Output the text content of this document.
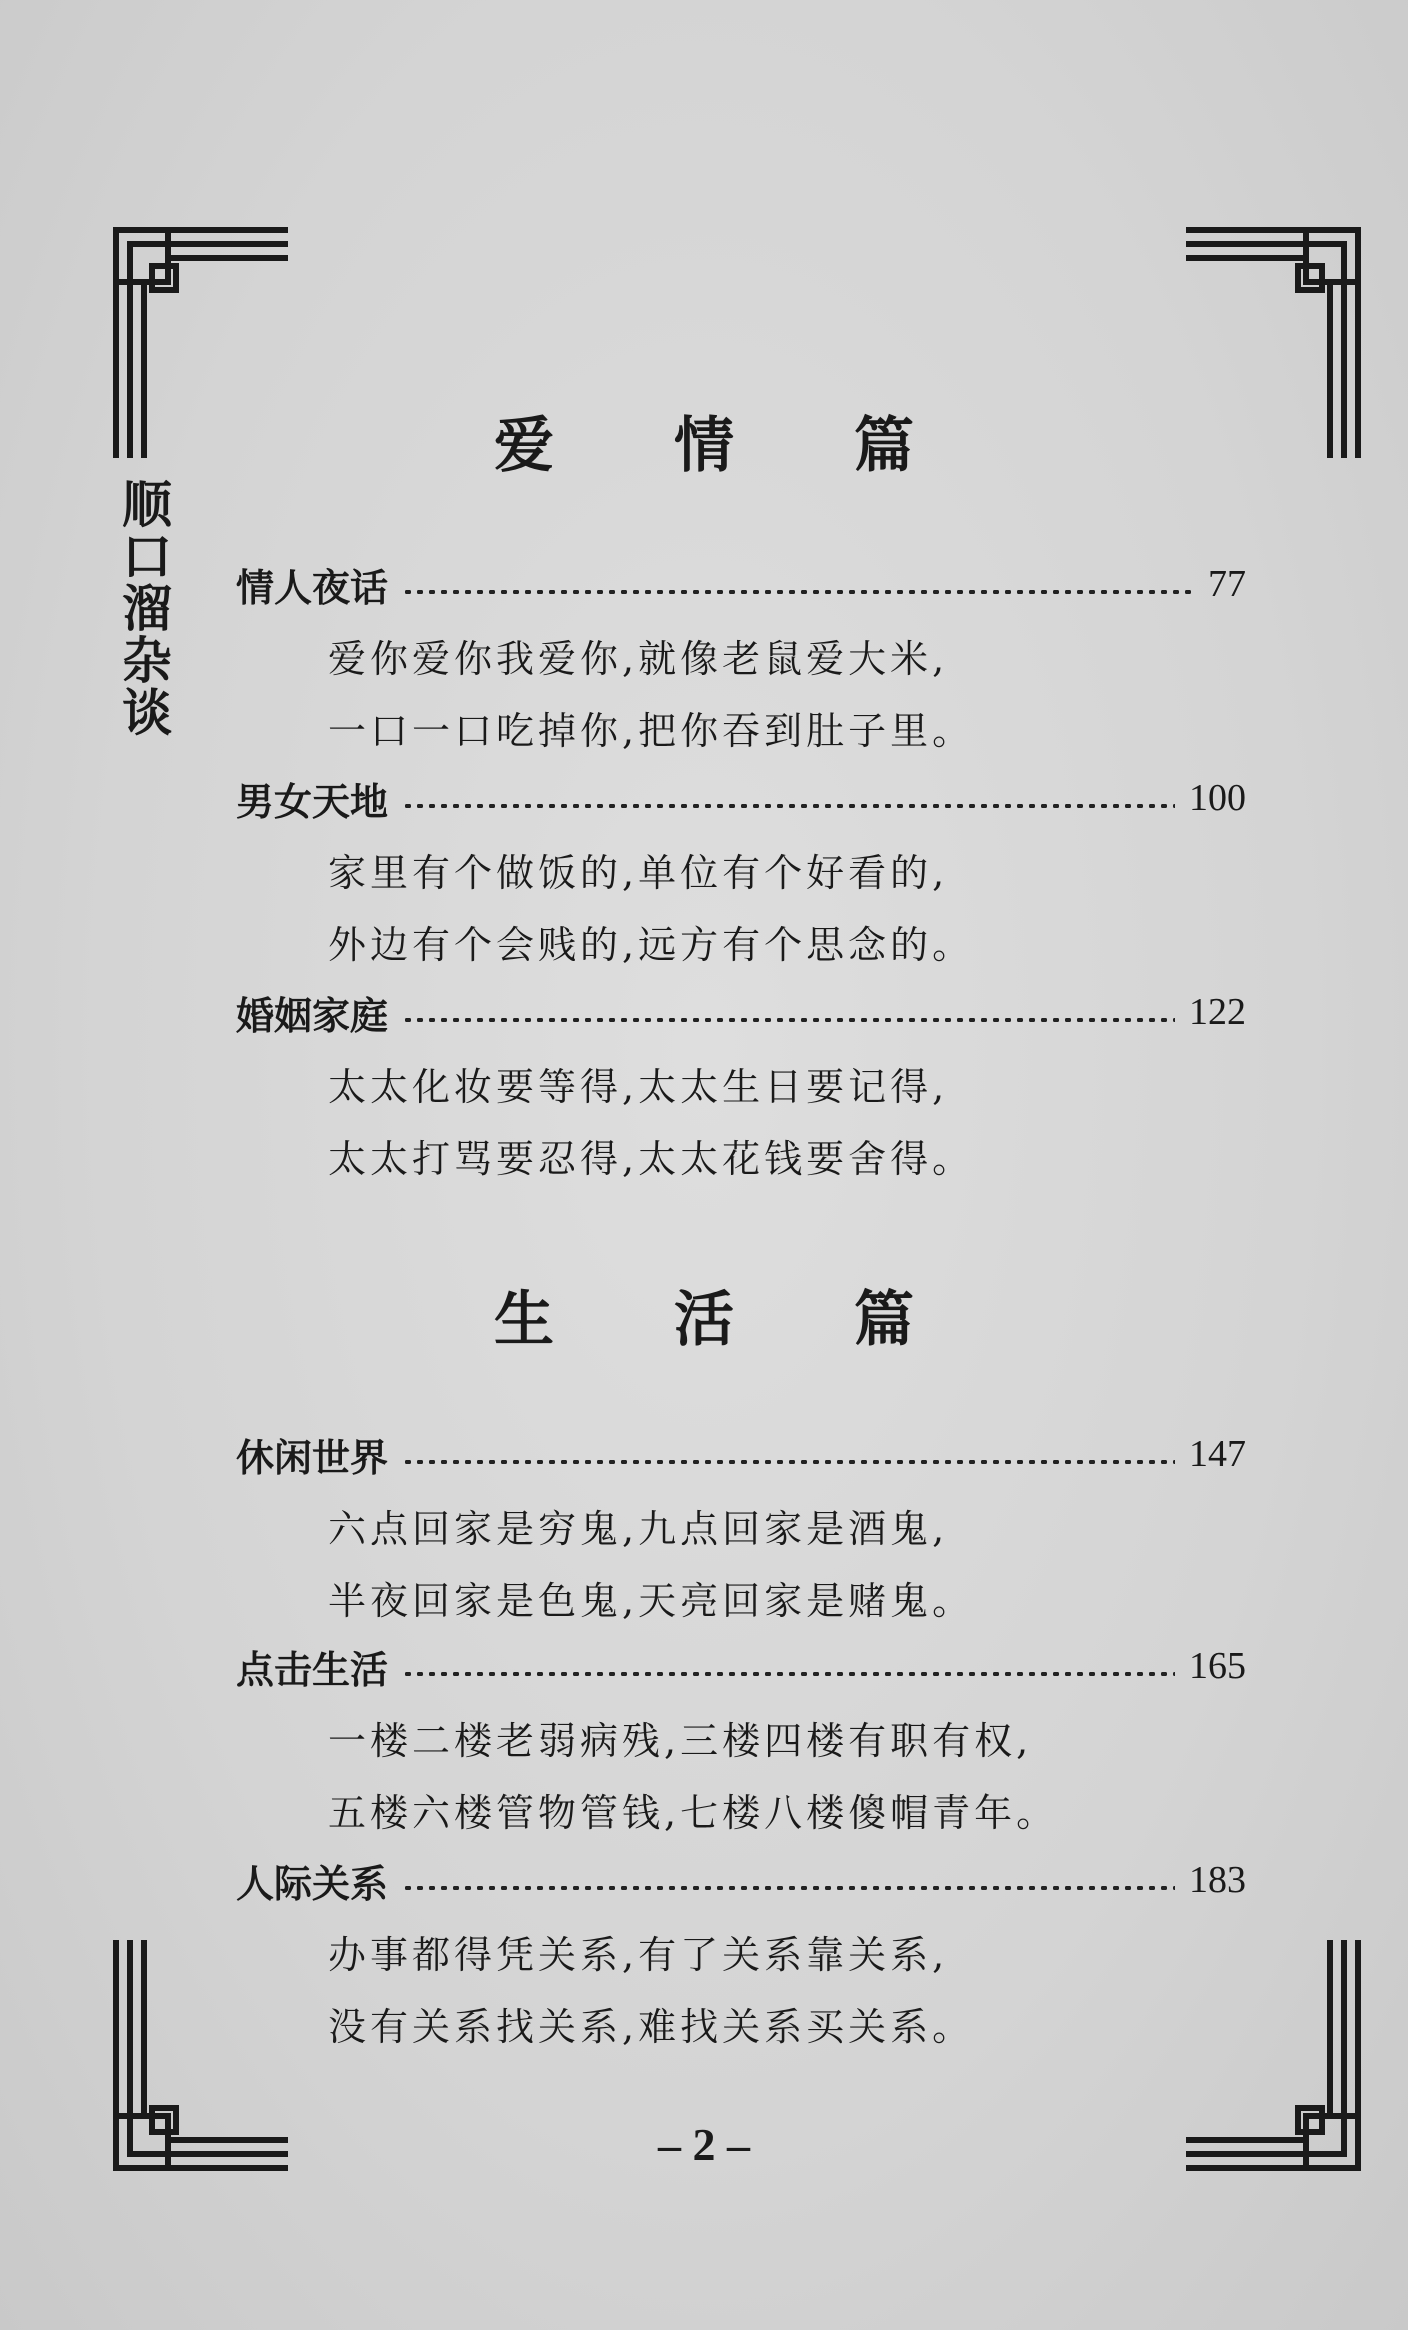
顺口溜杂谈
爱情篇
情人夜话	77
爱你爱你我爱你,就像老鼠爱大米,
一口一口吃掉你,把你吞到肚子里。
男女天地	100
家里有个做饭的,单位有个好看的,
外边有个会贱的,远方有个思念的。
婚姻家庭	122
太太化妆要等得,太太生日要记得,
太太打骂要忍得,太太花钱要舍得。
生活篇
休闲世界	147
六点回家是穷鬼,九点回家是酒鬼,
半夜回家是色鬼,天亮回家是赌鬼。
点击生活	165
一楼二楼老弱病残,三楼四楼有职有权,
五楼六楼管物管钱,七楼八楼傻帽青年。
人际关系	183
办事都得凭关系,有了关系靠关系,
没有关系找关系,难找关系买关系。
– 2 –
